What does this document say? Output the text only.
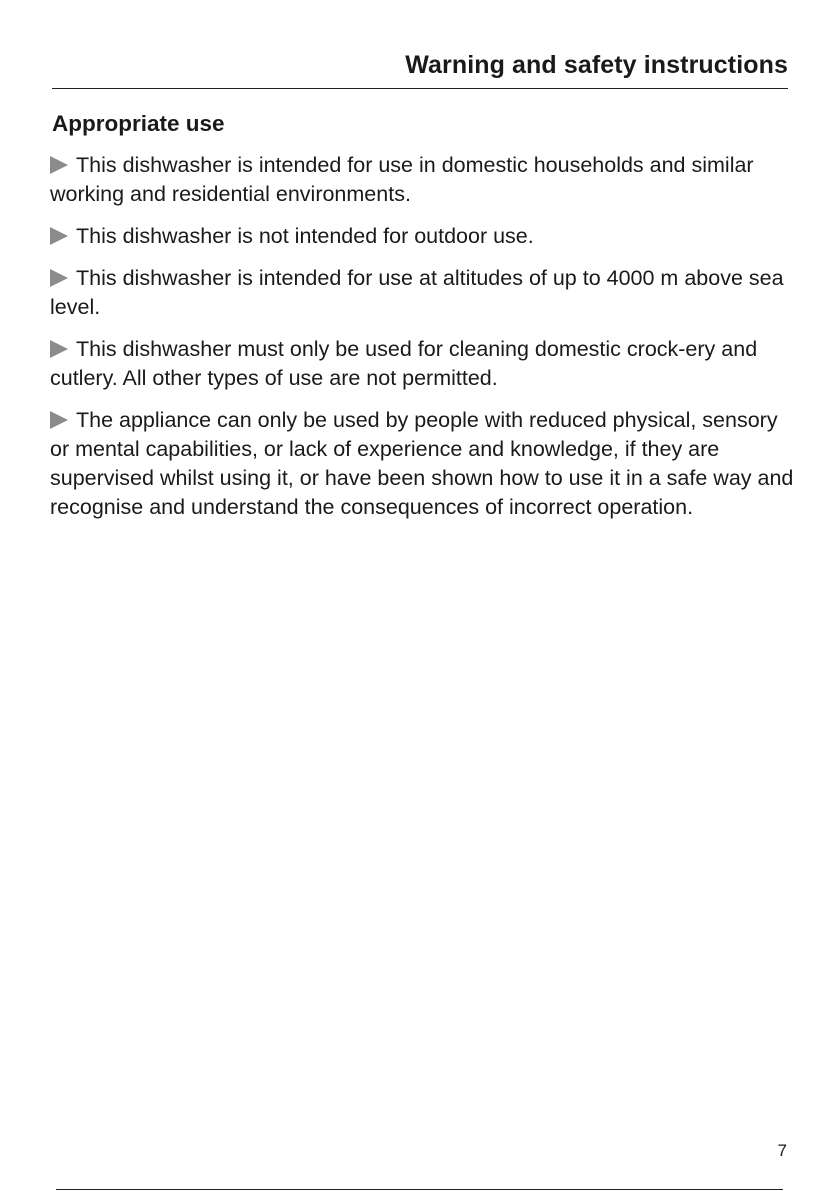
Warning and safety instructions
Appropriate use

This dishwasher is intended for use in domestic households and similar working and residential environments.

This dishwasher is not intended for outdoor use.

This dishwasher is intended for use at altitudes of up to 4000 m above sea level.

This dishwasher must only be used for cleaning domestic crock-ery and cutlery. All other types of use are not permitted.

The appliance can only be used by people with reduced physical, sensory or mental capabilities, or lack of experience and knowledge, if they are supervised whilst using it, or have been shown how to use it in a safe way and recognise and understand the consequences of incorrect operation.

7
